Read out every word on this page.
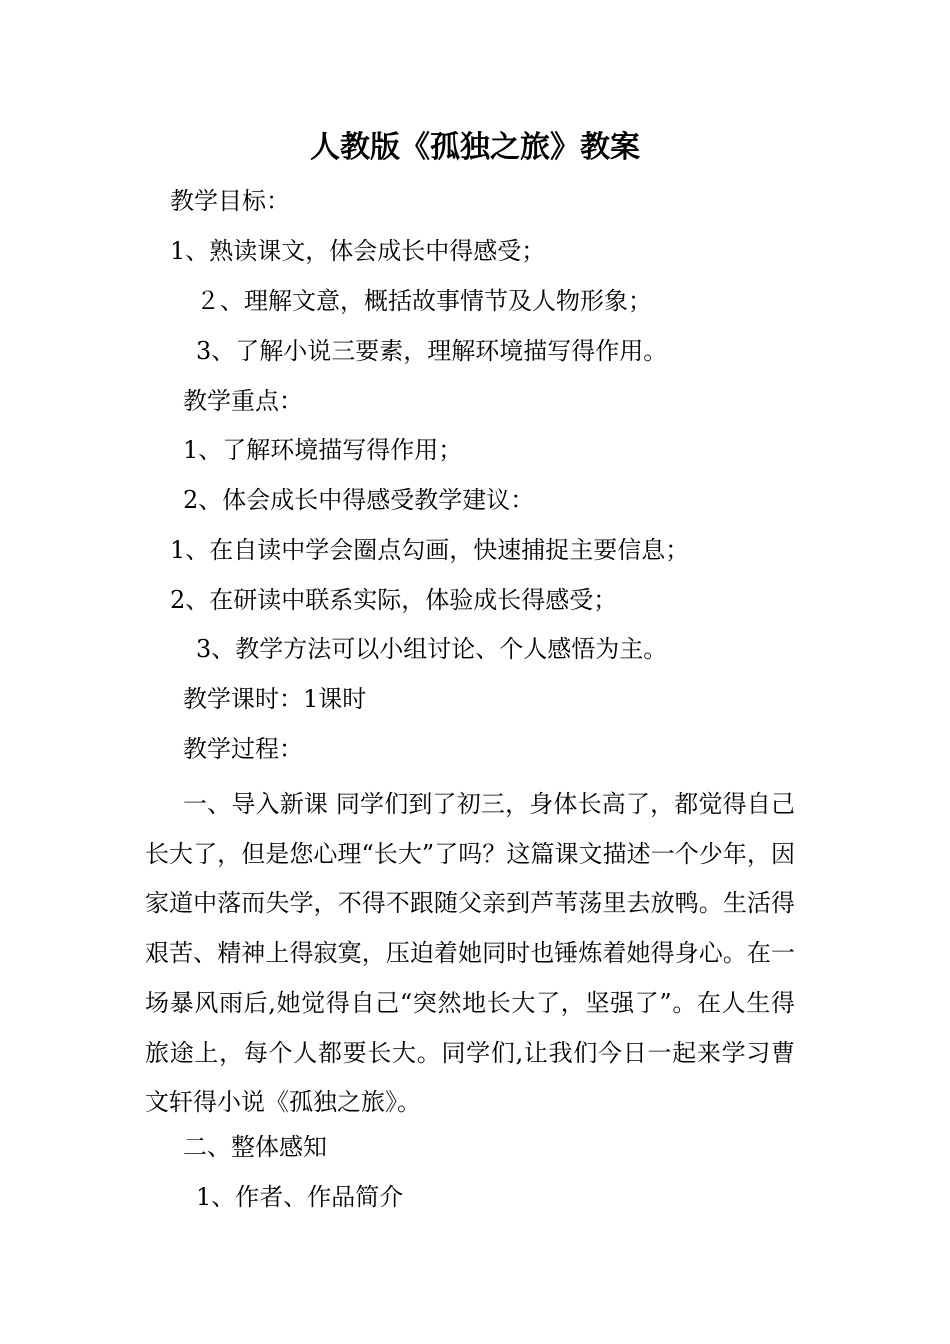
人教版《孤独之旅》教案
教学目标：
1、熟读课文，体会成长中得感受；
２、理解文意，概括故事情节及人物形象；
3、了解小说三要素，理解环境描写得作用。
教学重点：
1、了解环境描写得作用；
2、体会成长中得感受教学建议：
1、在自读中学会圈点勾画，快速捕捉主要信息；
2、在研读中联系实际，体验成长得感受；
3、教学方法可以小组讨论、个人感悟为主。
教学课时：1课时
教学过程：
一、导入新课 同学们到了初三，身体长高了，都觉得自己长大了，但是您心理“长大”了吗？这篇课文描述一个少年，因家道中落而失学，不得不跟随父亲到芦苇荡里去放鸭。生活得艰苦、精神上得寂寞，压迫着她同时也锤炼着她得身心。在一场暴风雨后,她觉得自己“突然地长大了，坚强了”。在人生得旅途上，每个人都要长大。同学们,让我们今日一起来学习曹文轩得小说《孤独之旅》。
二、整体感知
1、作者、作品简介
